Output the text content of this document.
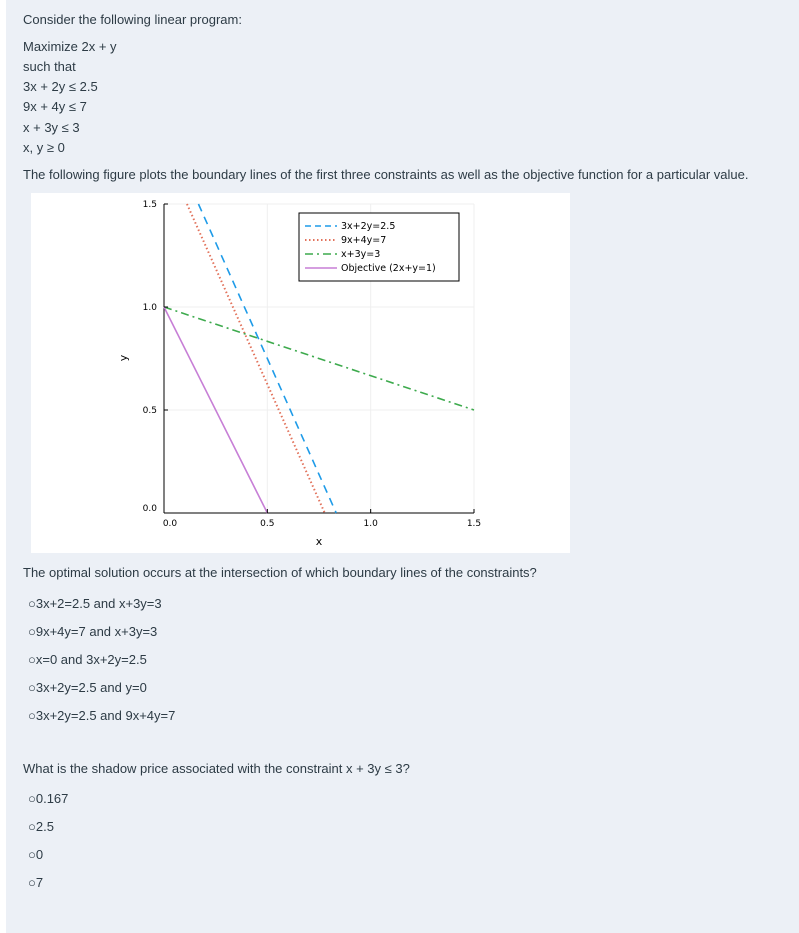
Consider the following linear program:
Maximize 2x + y
such that
3x + 2y ≤ 2.5
9x + 4y ≤ 7
x + 3y ≤ 3
x, y ≥ 0
The following figure plots the boundary lines of the first three constraints as well as the objective function for a particular value.
0.0	0.5	1.0	1.5
0.0
0.5
1.0
1.5
x
y
3x+2y=2.5
9x+4y=7
x+3y=3
Objective (2x+y=1)
The optimal solution occurs at the intersection of which boundary lines of the constraints?
○3x+2=2.5 and x+3y=3
○9x+4y=7 and x+3y=3
○x=0 and 3x+2y=2.5
○3x+2y=2.5 and y=0
○3x+2y=2.5 and 9x+4y=7
What is the shadow price associated with the constraint x + 3y ≤ 3?
○0.167
○2.5
○0
○7
